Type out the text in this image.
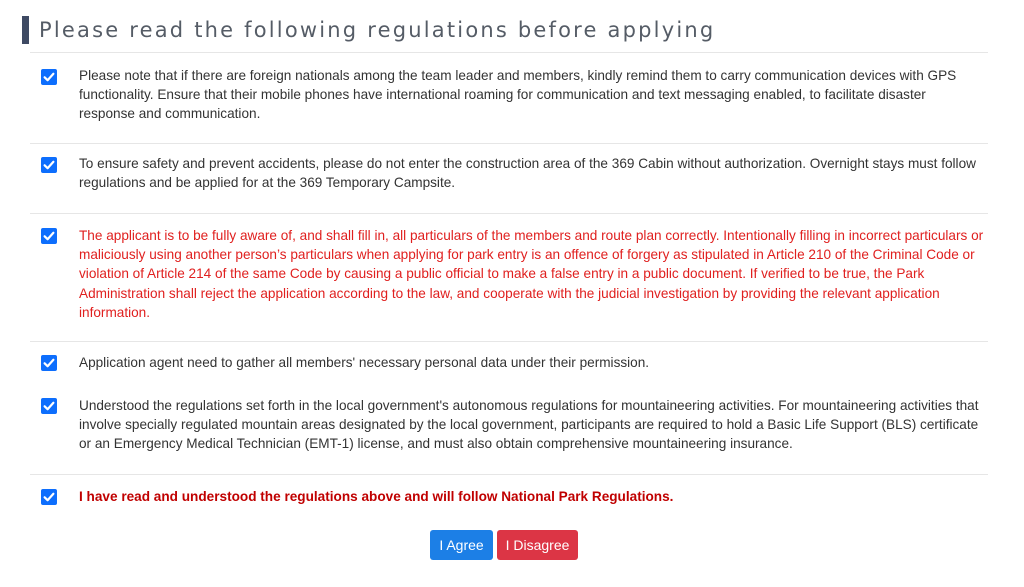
Please read the following regulations before applying
Please note that if there are foreign nationals among the team leader and members, kindly remind them to carry communication devices with GPS functionality. Ensure that their mobile phones have international roaming for communication and text messaging enabled, to facilitate disaster response and communication.
To ensure safety and prevent accidents, please do not enter the construction area of the 369 Cabin without authorization. Overnight stays must follow regulations and be applied for at the 369 Temporary Campsite.
The applicant is to be fully aware of, and shall fill in, all particulars of the members and route plan correctly. Intentionally filling in incorrect particulars or maliciously using another person’s particulars when applying for park entry is an offence of forgery as stipulated in Article 210 of the Criminal Code or violation of Article 214 of the same Code by causing a public official to make a false entry in a public document. If verified to be true, the Park Administration shall reject the application according to the law, and cooperate with the judicial investigation by providing the relevant application information.
Application agent need to gather all members' necessary personal data under their permission.
Understood the regulations set forth in the local government's autonomous regulations for mountaineering activities. For mountaineering activities that involve specially regulated mountain areas designated by the local government, participants are required to hold a Basic Life Support (BLS) certificate or an Emergency Medical Technician (EMT-1) license, and must also obtain comprehensive mountaineering insurance.
I have read and understood the regulations above and will follow National Park Regulations.
I Agree	I Disagree
